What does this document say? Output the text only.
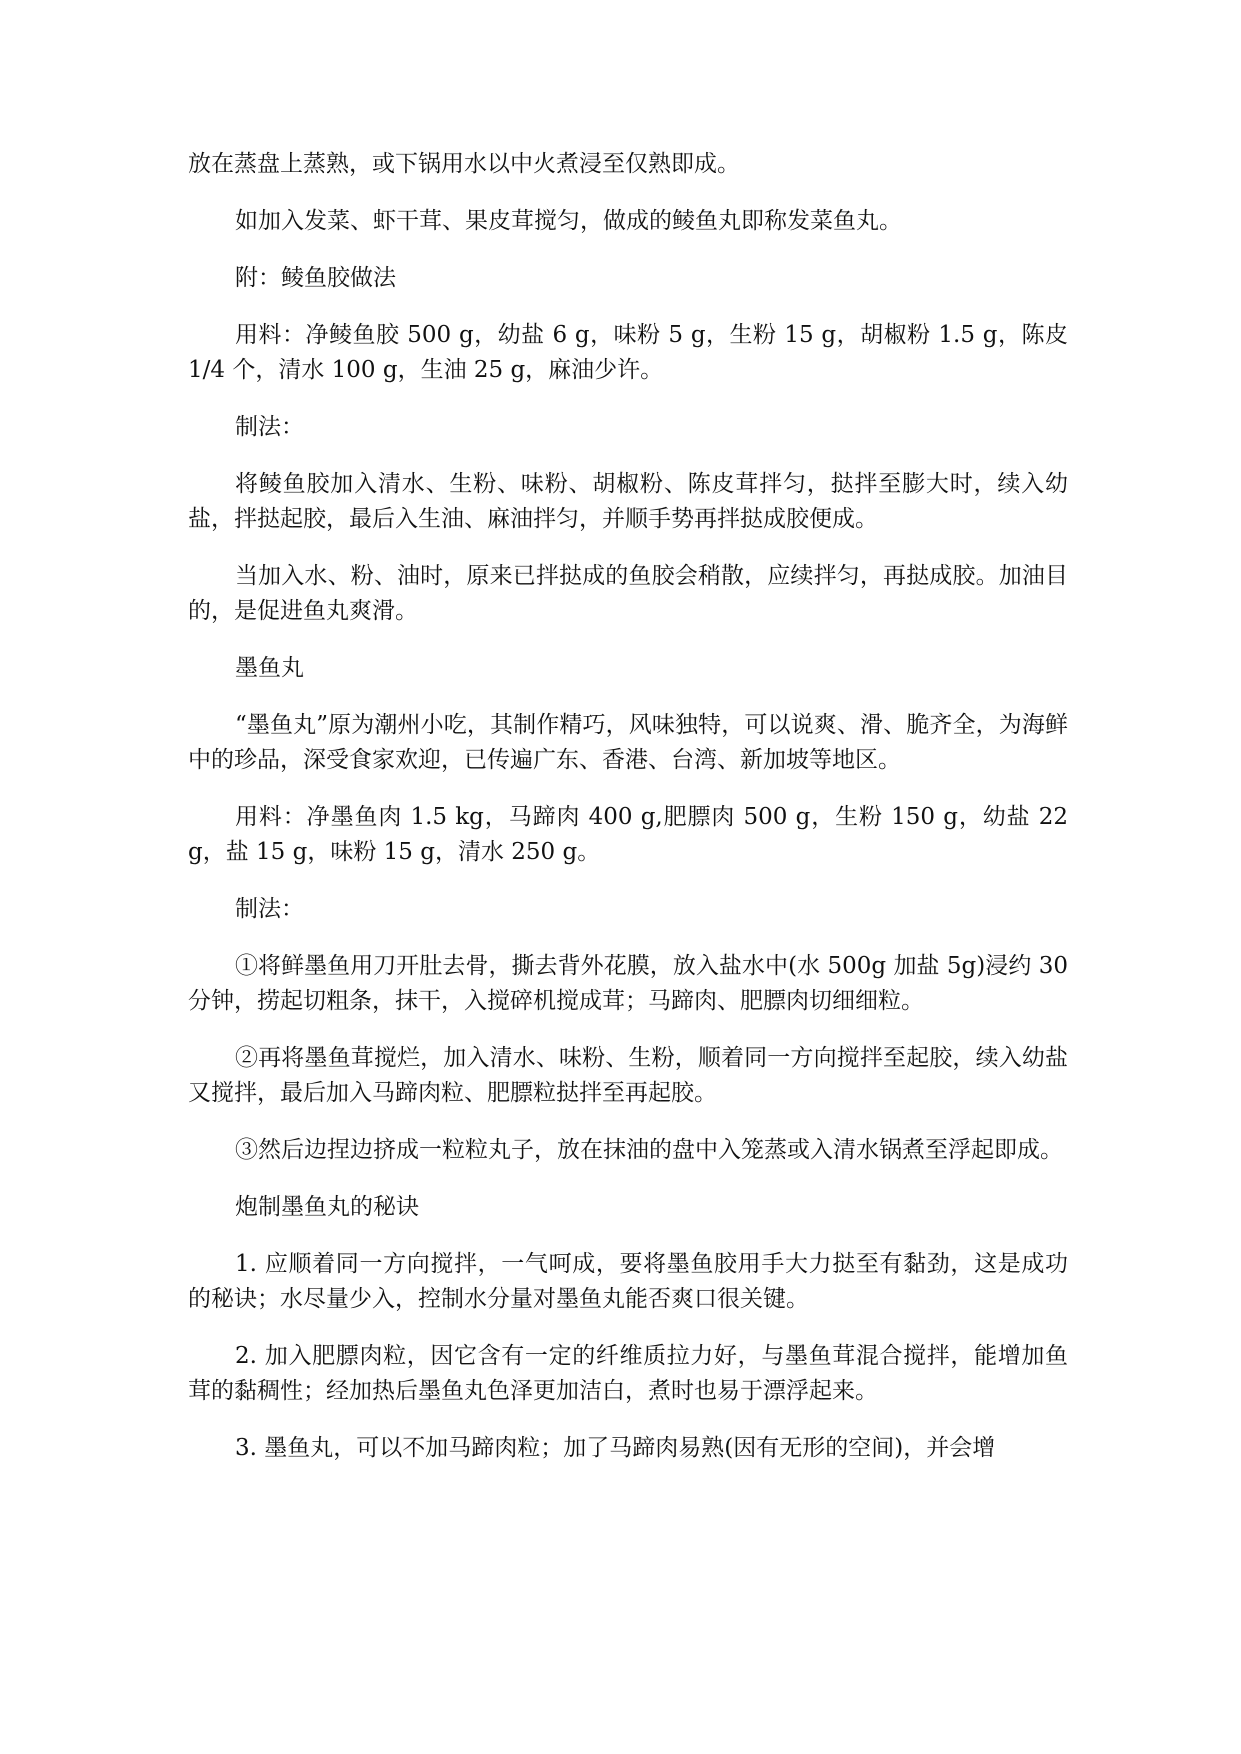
放在蒸盘上蒸熟，或下锅用水以中火煮浸至仅熟即成。

如加入发菜、虾干茸、果皮茸搅匀，做成的鲮鱼丸即称发菜鱼丸。

附：鲮鱼胶做法

用料：净鲮鱼胶 500 g，幼盐 6 g，味粉 5 g，生粉 15 g，胡椒粉 1.5 g，陈皮 1/4 个，清水 100 g，生油 25 g，麻油少许。

制法：

将鲮鱼胶加入清水、生粉、味粉、胡椒粉、陈皮茸拌匀，挞拌至膨大时，续入幼盐，拌挞起胶，最后入生油、麻油拌匀，并顺手势再拌挞成胶便成。

当加入水、粉、油时，原来已拌挞成的鱼胶会稍散，应续拌匀，再挞成胶。加油目的，是促进鱼丸爽滑。

墨鱼丸

“墨鱼丸”原为潮州小吃，其制作精巧，风味独特，可以说爽、滑、脆齐全，为海鲜中的珍品，深受食家欢迎，已传遍广东、香港、台湾、新加坡等地区。

用料：净墨鱼肉 1.5 kg，马蹄肉 400 g,肥膘肉 500 g，生粉 150 g，幼盐 22 g，盐 15 g，味粉 15 g，清水 250 g。

制法：

①将鲜墨鱼用刀开肚去骨，撕去背外花膜，放入盐水中(水 500g 加盐 5g)浸约 30 分钟，捞起切粗条，抹干，入搅碎机搅成茸；马蹄肉、肥膘肉切细细粒。

②再将墨鱼茸搅烂，加入清水、味粉、生粉，顺着同一方向搅拌至起胶，续入幼盐又搅拌，最后加入马蹄肉粒、肥膘粒挞拌至再起胶。

③然后边捏边挤成一粒粒丸子，放在抹油的盘中入笼蒸或入清水锅煮至浮起即成。

炮制墨鱼丸的秘诀

1. 应顺着同一方向搅拌，一气呵成，要将墨鱼胶用手大力挞至有黏劲，这是成功的秘诀；水尽量少入，控制水分量对墨鱼丸能否爽口很关键。

2. 加入肥膘肉粒，因它含有一定的纤维质拉力好，与墨鱼茸混合搅拌，能增加鱼茸的黏稠性；经加热后墨鱼丸色泽更加洁白，煮时也易于漂浮起来。

3. 墨鱼丸，可以不加马蹄肉粒；加了马蹄肉易熟(因有无形的空间)，并会增
